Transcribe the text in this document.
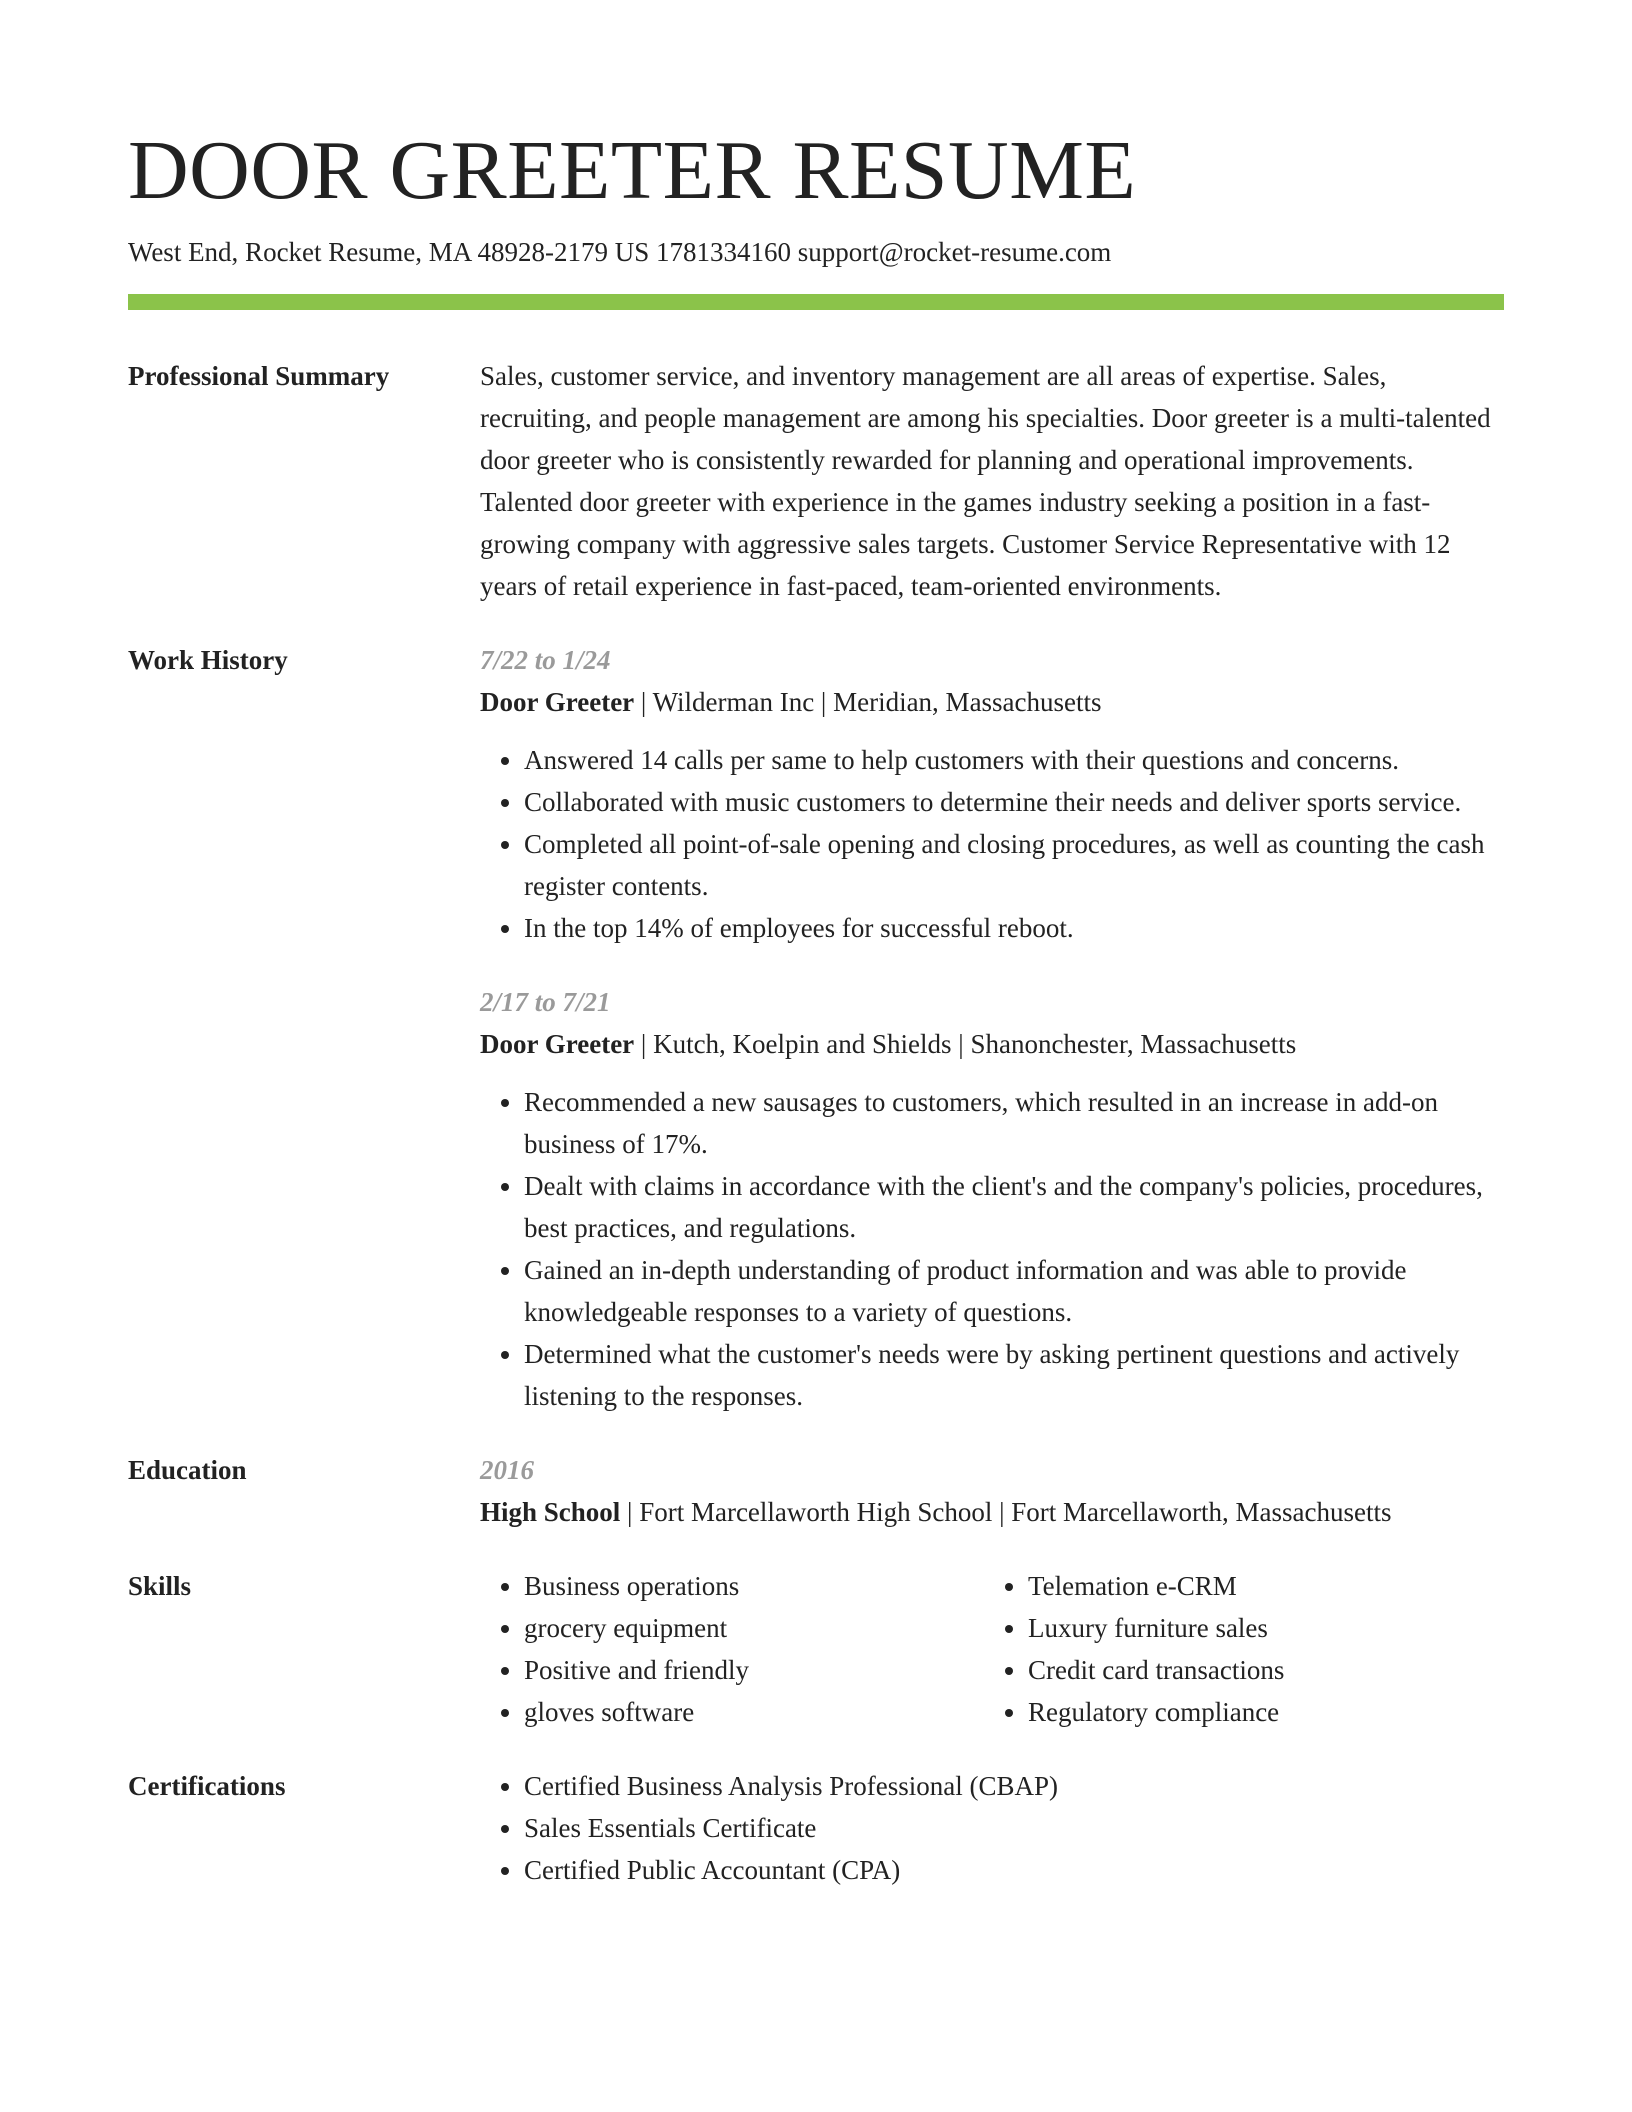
DOOR GREETER RESUME
West End, Rocket Resume, MA 48928-2179 US 1781334160 support@rocket-resume.com
Professional Summary	Sales, customer service, and inventory management are all areas of expertise. Sales, recruiting, and people management are among his specialties. Door greeter is a multi-talented door greeter who is consistently rewarded for planning and operational improvements. Talented door greeter with experience in the games industry seeking a position in a fast-growing company with aggressive sales targets. Customer Service Representative with 12 years of retail experience in fast-paced, team-oriented environments.
Work History	7/22 to 1/24
Door Greeter | Wilderman Inc | Meridian, Massachusetts
• Answered 14 calls per same to help customers with their questions and concerns.
• Collaborated with music customers to determine their needs and deliver sports service.
• Completed all point-of-sale opening and closing procedures, as well as counting the cash register contents.
• In the top 14% of employees for successful reboot.
2/17 to 7/21
Door Greeter | Kutch, Koelpin and Shields | Shanonchester, Massachusetts
• Recommended a new sausages to customers, which resulted in an increase in add-on business of 17%.
• Dealt with claims in accordance with the client's and the company's policies, procedures, best practices, and regulations.
• Gained an in-depth understanding of product information and was able to provide knowledgeable responses to a variety of questions.
• Determined what the customer's needs were by asking pertinent questions and actively listening to the responses.
Education	2016
High School | Fort Marcellaworth High School | Fort Marcellaworth, Massachusetts
Skills	• Business operations
• grocery equipment
• Positive and friendly
• gloves software
• Telemation e-CRM
• Luxury furniture sales
• Credit card transactions
• Regulatory compliance
Certifications	• Certified Business Analysis Professional (CBAP)
• Sales Essentials Certificate
• Certified Public Accountant (CPA)
